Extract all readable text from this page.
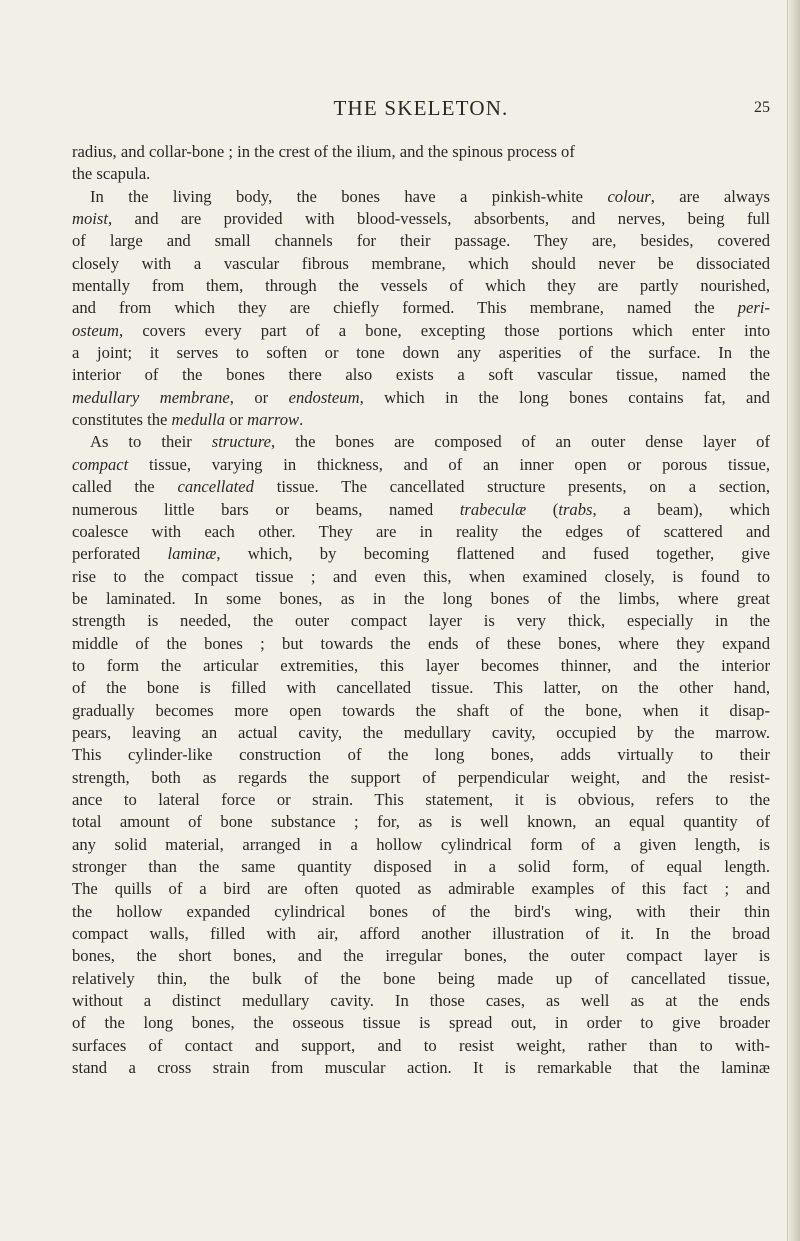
THE SKELETON.	25
radius, and collar-bone ; in the crest of the ilium, and the spinous process of
the scapula.
In the living body, the bones have a pinkish-white colour, are always
moist, and are provided with blood-vessels, absorbents, and nerves, being full
of large and small channels for their passage. They are, besides, covered
closely with a vascular fibrous membrane, which should never be dissociated
mentally from them, through the vessels of which they are partly nourished,
and from which they are chiefly formed. This membrane, named the peri-
osteum, covers every part of a bone, excepting those portions which enter into
a joint; it serves to soften or tone down any asperities of the surface. In the
interior of the bones there also exists a soft vascular tissue, named the
medullary membrane, or endosteum, which in the long bones contains fat, and
constitutes the medulla or marrow.
As to their structure, the bones are composed of an outer dense layer of
compact tissue, varying in thickness, and of an inner open or porous tissue,
called the cancellated tissue. The cancellated structure presents, on a section,
numerous little bars or beams, named trabeculæ (trabs, a beam), which
coalesce with each other. They are in reality the edges of scattered and
perforated laminæ, which, by becoming flattened and fused together, give
rise to the compact tissue ; and even this, when examined closely, is found to
be laminated. In some bones, as in the long bones of the limbs, where great
strength is needed, the outer compact layer is very thick, especially in the
middle of the bones ; but towards the ends of these bones, where they expand
to form the articular extremities, this layer becomes thinner, and the interior
of the bone is filled with cancellated tissue. This latter, on the other hand,
gradually becomes more open towards the shaft of the bone, when it disap-
pears, leaving an actual cavity, the medullary cavity, occupied by the marrow.
This cylinder-like construction of the long bones, adds virtually to their
strength, both as regards the support of perpendicular weight, and the resist-
ance to lateral force or strain. This statement, it is obvious, refers to the
total amount of bone substance ; for, as is well known, an equal quantity of
any solid material, arranged in a hollow cylindrical form of a given length, is
stronger than the same quantity disposed in a solid form, of equal length.
The quills of a bird are often quoted as admirable examples of this fact ; and
the hollow expanded cylindrical bones of the bird's wing, with their thin
compact walls, filled with air, afford another illustration of it. In the broad
bones, the short bones, and the irregular bones, the outer compact layer is
relatively thin, the bulk of the bone being made up of cancellated tissue,
without a distinct medullary cavity. In those cases, as well as at the ends
of the long bones, the osseous tissue is spread out, in order to give broader
surfaces of contact and support, and to resist weight, rather than to with-
stand a cross strain from muscular action. It is remarkable that the laminæ
